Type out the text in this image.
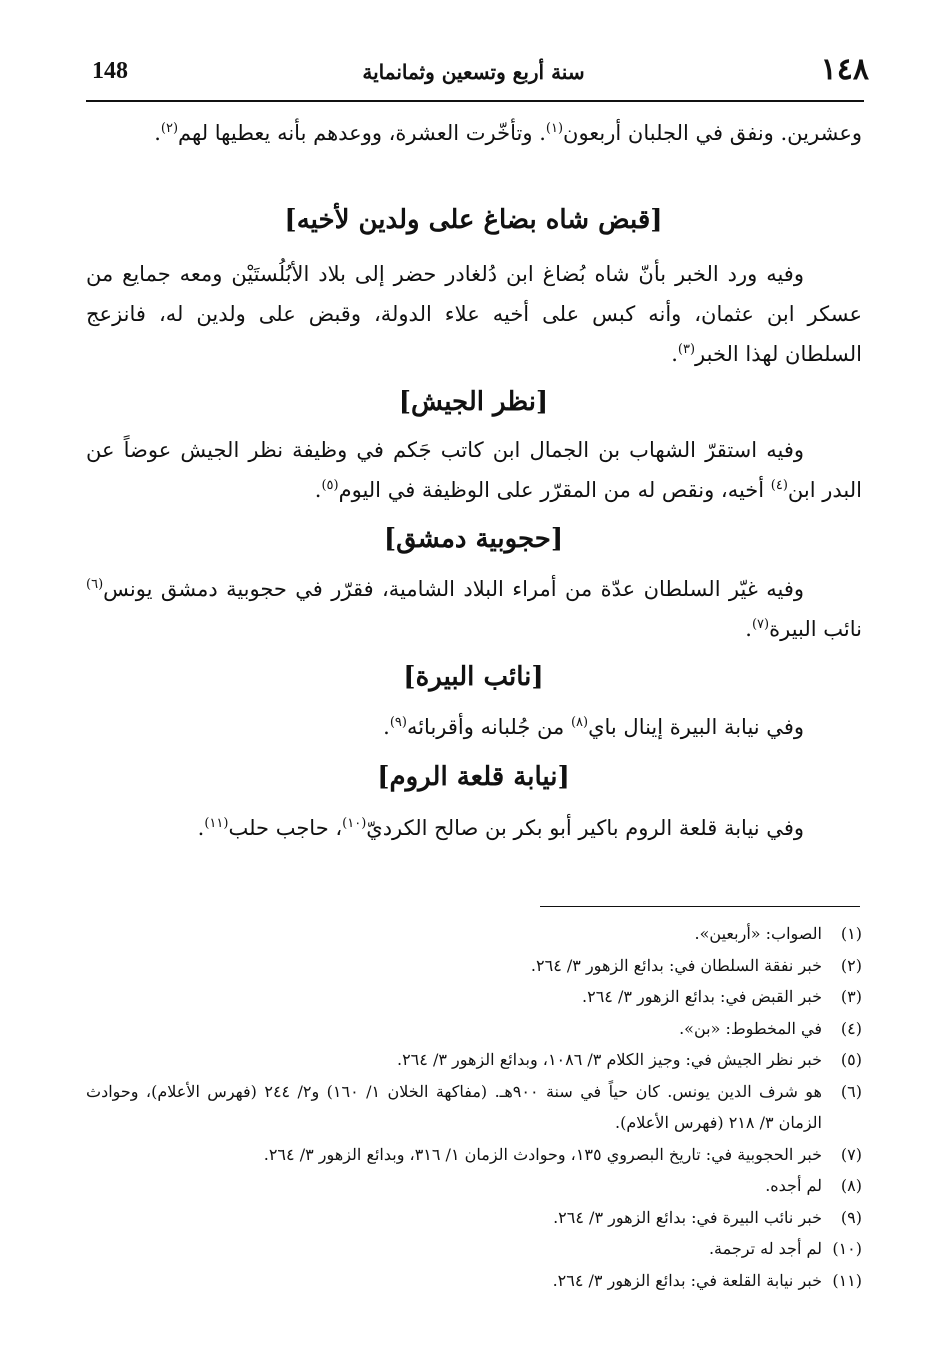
١٤٨
سنة أربع وتسعين وثمانماية
148

وعشرين. ونفق في الجلبان أربعون$^{(١)}$. وتأخّرت العشرة، ووعدهم بأنه يعطيها لهم$^{(٢)}$.

[قبض شاه بضاغ على ولدين لأخيه]

وفيه ورد الخبر بأنّ شاه بُضاغ ابن دُلغادر حضر إلى بلاد الأبُلُستَيْن ومعه جمايع من عسكر ابن عثمان، وأنه كبس على أخيه علاء الدولة، وقبض على ولدين له، فانزعج السلطان لهذا الخبر$^{(٣)}$.

[نظر الجيش]

وفيه استقرّ الشهاب بن الجمال ابن كاتب جَكم في وظيفة نظر الجيش عوضاً عن البدر ابن$^{(٤)}$ أخيه، ونقص له من المقرّر على الوظيفة في اليوم$^{(٥)}$.

[حجوبية دمشق]

وفيه غيّر السلطان عدّة من أمراء البلاد الشامية، فقرّر في حجوبية دمشق يونس$^{(٦)}$ نائب البيرة$^{(٧)}$.

[نائب البيرة]

وفي نيابة البيرة إينال باي$^{(٨)}$ من جُلبانه وأقربائه$^{(٩)}$.

[نيابة قلعة الروم]

وفي نيابة قلعة الروم باكير أبو بكر بن صالح الكرديّ$^{(١٠)}$، حاجب حلب$^{(١١)}$.

(١)
الصواب: «أربعين».
(٢)
خبر نفقة السلطان في: بدائع الزهور ٣/ ٢٦٤.
(٣)
خبر القبض في: بدائع الزهور ٣/ ٢٦٤.
(٤)
في المخطوط: «بن».
(٥)
خبر نظر الجيش في: وجيز الكلام ٣/ ١٠٨٦، وبدائع الزهور ٣/ ٢٦٤.
(٦)
هو شرف الدين يونس. كان حياً في سنة ٩٠٠هـ. (مفاكهة الخلان ١/ ١٦٠) و٢/ ٢٤٤ (فهرس الأعلام)، وحوادث الزمان ٣/ ٢١٨ (فهرس الأعلام).
(٧)
خبر الحجوبية في: تاريخ البصروي ١٣٥، وحوادث الزمان ١/ ٣١٦، وبدائع الزهور ٣/ ٢٦٤.
(٨)
لم أجده.
(٩)
خبر نائب البيرة في: بدائع الزهور ٣/ ٢٦٤.
(١٠)
لم أجد له ترجمة.
(١١)
خبر نيابة القلعة في: بدائع الزهور ٣/ ٢٦٤.
